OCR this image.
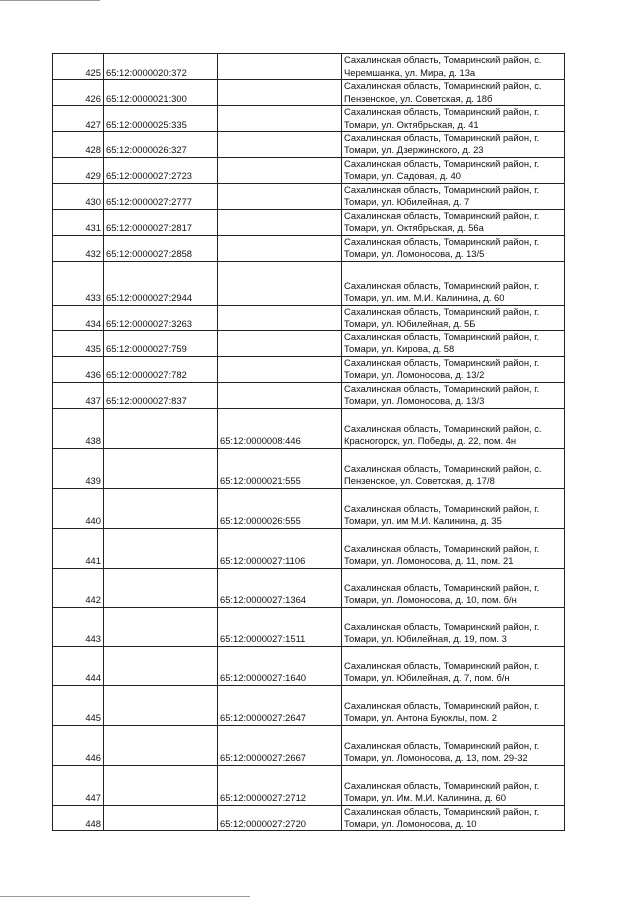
425	65:12:0000020:372		Сахалинская область, Томаринский район, с.
Черемшанка, ул. Мира, д. 13а

426	65:12:0000021:300		Сахалинская область, Томаринский район, с.
Пензенское, ул. Советская, д. 18б

427	65:12:0000025:335		Сахалинская область, Томаринский район, г.
Томари, ул. Октябрьская, д. 41

428	65:12:0000026:327		Сахалинская область, Томаринский район, г.
Томари, ул. Дзержинского, д. 23

429	65:12:0000027:2723		Сахалинская область, Томаринский район, г.
Томари, ул. Садовая, д. 40

430	65:12:0000027:2777		Сахалинская область, Томаринский район, г.
Томари, ул. Юбилейная, д. 7

431	65:12:0000027:2817		Сахалинская область, Томаринский район, г.
Томари, ул. Октябрьская, д. 56а

432	65:12:0000027:2858		Сахалинская область, Томаринский район, г.
Томари, ул. Ломоносова, д. 13/5

433	65:12:0000027:2944		Сахалинская область, Томаринский район, г.
Томари, ул. им. М.И. Калинина, д. 60

434	65:12:0000027:3263		Сахалинская область, Томаринский район, г.
Томари, ул. Юбилейная, д. 5Б

435	65:12:0000027:759		Сахалинская область, Томаринский район, г.
Томари, ул. Кирова, д. 58

436	65:12:0000027:782		Сахалинская область, Томаринский район, г.
Томари, ул. Ломоносова, д. 13/2

437	65:12:0000027:837		Сахалинская область, Томаринский район, г.
Томари, ул. Ломоносова, д. 13/3

438		65:12:0000008:446	Сахалинская область, Томаринский район, с.
Красногорск, ул. Победы, д. 22, пом. 4н

439		65:12:0000021:555	Сахалинская область, Томаринский район, с.
Пензенское, ул. Советская, д. 17/8

440		65:12:0000026:555	Сахалинская область, Томаринский район, г.
Томари, ул. им М.И. Калинина, д. 35

441		65:12:0000027:1106	Сахалинская область, Томаринский район, г.
Томари, ул. Ломоносова, д. 11, пом. 21

442		65:12:0000027:1364	Сахалинская область, Томаринский район, г.
Томари, ул. Ломоносова, д. 10, пом. б/н

443		65:12:0000027:1511	Сахалинская область, Томаринский район, г.
Томари, ул. Юбилейная, д. 19, пом. 3

444		65:12:0000027:1640	Сахалинская область, Томаринский район, г.
Томари, ул. Юбилейная, д. 7, пом. б/н

445		65:12:0000027:2647	Сахалинская область, Томаринский район, г.
Томари, ул. Антона Буюклы, пом. 2

446		65:12:0000027:2667	Сахалинская область, Томаринский район, г.
Томари, ул. Ломоносова, д. 13, пом. 29-32

447		65:12:0000027:2712	Сахалинская область, Томаринский район, г.
Томари, ул. Им. М.И. Калинина, д. 60

448		65:12:0000027:2720	Сахалинская область, Томаринский район, г.
Томари, ул. Ломоносова, д. 10
